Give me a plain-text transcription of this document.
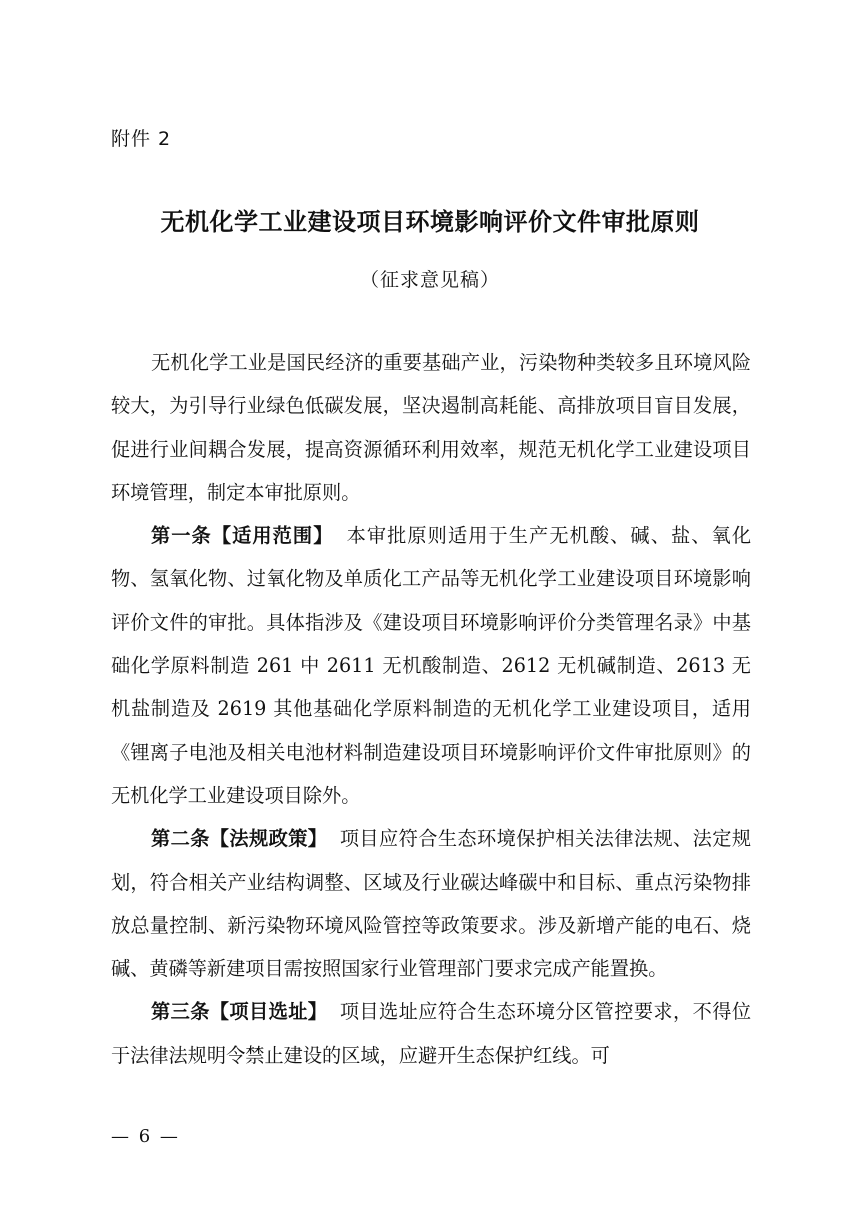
附件 2
无机化学工业建设项目环境影响评价文件审批原则
（征求意见稿）

无机化学工业是国民经济的重要基础产业，污染物种类较多且环境风险较大，为引导行业绿色低碳发展，坚决遏制高耗能、高排放项目盲目发展，促进行业间耦合发展，提高资源循环利用效率，规范无机化学工业建设项目环境管理，制定本审批原则。

第一条【适用范围】 本审批原则适用于生产无机酸、碱、盐、氧化物、氢氧化物、过氧化物及单质化工产品等无机化学工业建设项目环境影响评价文件的审批。具体指涉及《建设项目环境影响评价分类管理名录》中基础化学原料制造 261 中 2611 无机酸制造、2612 无机碱制造、2613 无机盐制造及 2619 其他基础化学原料制造的无机化学工业建设项目，适用《锂离子电池及相关电池材料制造建设项目环境影响评价文件审批原则》的无机化学工业建设项目除外。

第二条【法规政策】 项目应符合生态环境保护相关法律法规、法定规划，符合相关产业结构调整、区域及行业碳达峰碳中和目标、重点污染物排放总量控制、新污染物环境风险管控等政策要求。涉及新增产能的电石、烧碱、黄磷等新建项目需按照国家行业管理部门要求完成产能置换。

第三条【项目选址】 项目选址应符合生态环境分区管控要求，不得位于法律法规明令禁止建设的区域，应避开生态保护红线。可

— 6 —
